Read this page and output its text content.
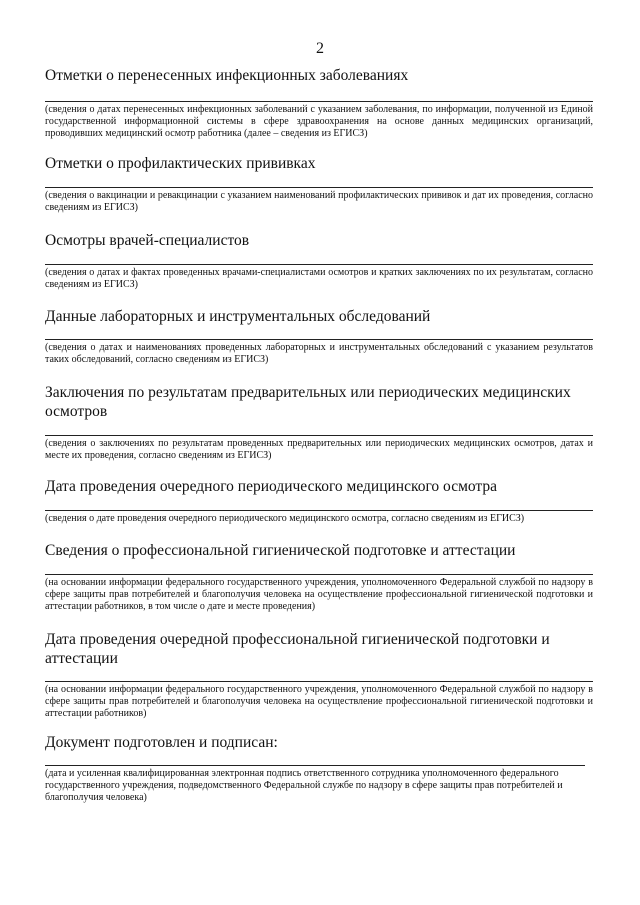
2

Отметки о перенесенных инфекционных заболеваниях

(сведения о датах перенесенных инфекционных заболеваний с указанием заболевания, по информации, полученной из Единой государственной информационной системы в сфере здравоохранения на основе данных медицинских организаций, проводивших медицинский осмотр работника (далее – сведения из ЕГИСЗ)

Отметки о профилактических прививках

(сведения о вакцинации и ревакцинации с указанием наименований профилактических прививок и дат их проведения, согласно сведениям из ЕГИСЗ)

Осмотры врачей-специалистов

(сведения о датах и фактах проведенных врачами-специалистами осмотров и кратких заключениях по их результатам, согласно сведениям из ЕГИСЗ)

Данные лабораторных и инструментальных обследований

(сведения о датах и наименованиях проведенных лабораторных и инструментальных обследований с указанием результатов таких обследований, согласно сведениям из ЕГИСЗ)

Заключения по результатам предварительных или периодических медицинских осмотров

(сведения о заключениях по результатам проведенных предварительных или периодических медицинских осмотров, датах и месте их проведения, согласно сведениям из ЕГИСЗ)

Дата проведения очередного периодического медицинского осмотра

(сведения о дате проведения очередного периодического медицинского осмотра, согласно сведениям из ЕГИСЗ)

Сведения о профессиональной гигиенической подготовке и аттестации

(на основании информации федерального государственного учреждения, уполномоченного Федеральной службой по надзору в сфере защиты прав потребителей и благополучия человека на осуществление профессиональной гигиенической подготовки и аттестации работников, в том числе о дате и месте проведения)

Дата проведения очередной профессиональной гигиенической подготовки и аттестации

(на основании информации федерального государственного учреждения, уполномоченного Федеральной службой по надзору в сфере защиты прав потребителей и благополучия человека на осуществление профессиональной гигиенической подготовки и аттестации работников)

Документ подготовлен и подписан:

(дата и усиленная квалифицированная электронная подпись ответственного сотрудника уполномоченного федерального государственного учреждения, подведомственного Федеральной службе по надзору в сфере защиты прав потребителей и благополучия человека)
